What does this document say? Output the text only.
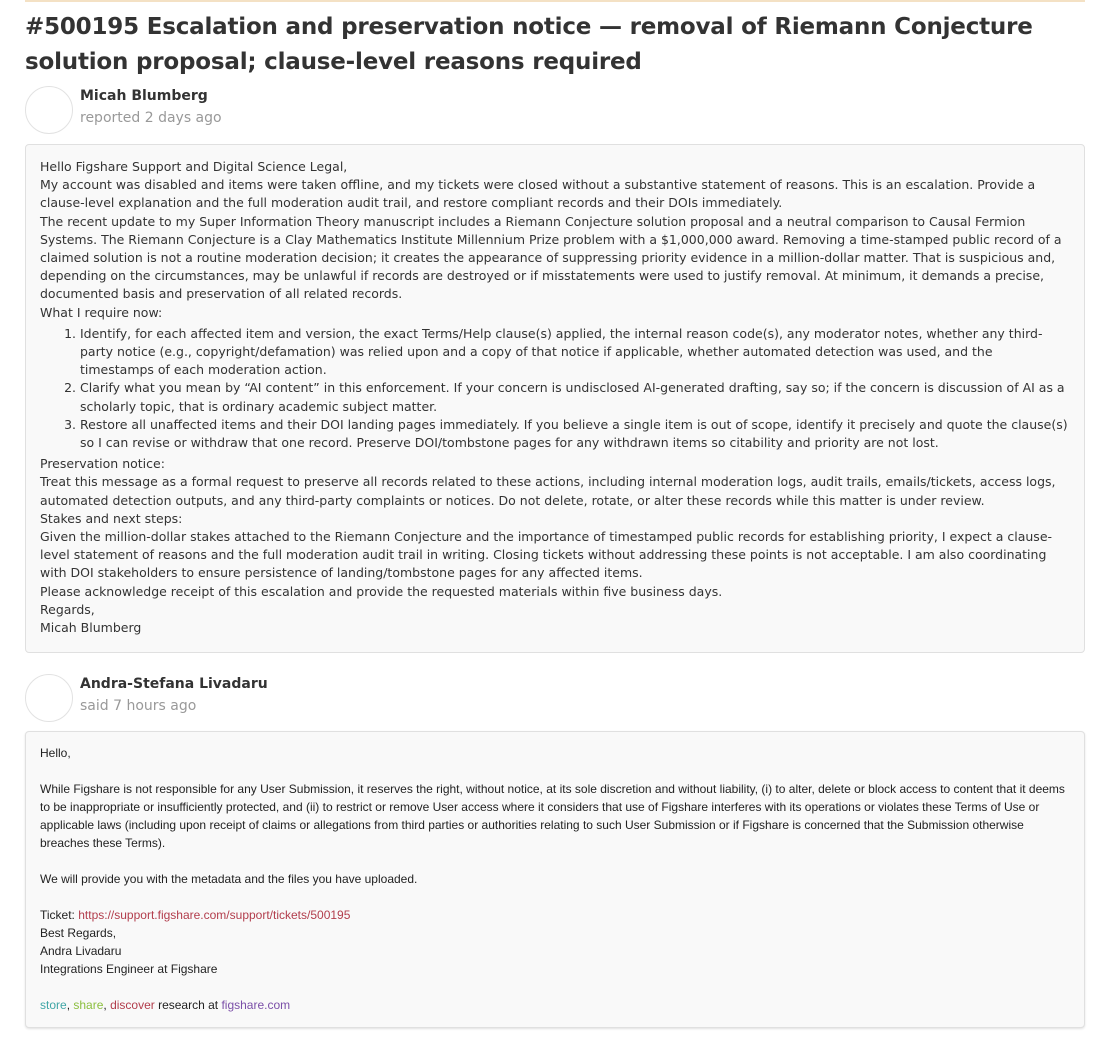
#500195 Escalation and preservation notice — removal of Riemann Conjecture solution proposal; clause-level reasons required
Micah Blumberg
reported 2 days ago

Hello Figshare Support and Digital Science Legal,

My account was disabled and items were taken offline, and my tickets were closed without a substantive statement of reasons. This is an escalation. Provide a clause-level explanation and the full moderation audit trail, and restore compliant records and their DOIs immediately.

The recent update to my Super Information Theory manuscript includes a Riemann Conjecture solution proposal and a neutral comparison to Causal Fermion Systems. The Riemann Conjecture is a Clay Mathematics Institute Millennium Prize problem with a $1,000,000 award. Removing a time-stamped public record of a claimed solution is not a routine moderation decision; it creates the appearance of suppressing priority evidence in a million-dollar matter. That is suspicious and, depending on the circumstances, may be unlawful if records are destroyed or if misstatements were used to justify removal. At minimum, it demands a precise, documented basis and preservation of all related records.

What I require now:

1. Identify, for each affected item and version, the exact Terms/Help clause(s) applied, the internal reason code(s), any moderator notes, whether any third-party notice (e.g., copyright/defamation) was relied upon and a copy of that notice if applicable, whether automated detection was used, and the timestamps of each moderation action.
2. Clarify what you mean by “AI content” in this enforcement. If your concern is undisclosed AI-generated drafting, say so; if the concern is discussion of AI as a scholarly topic, that is ordinary academic subject matter.
3. Restore all unaffected items and their DOI landing pages immediately. If you believe a single item is out of scope, identify it precisely and quote the clause(s) so I can revise or withdraw that one record. Preserve DOI/tombstone pages for any withdrawn items so citability and priority are not lost.

Preservation notice:

Treat this message as a formal request to preserve all records related to these actions, including internal moderation logs, audit trails, emails/tickets, access logs, automated detection outputs, and any third-party complaints or notices. Do not delete, rotate, or alter these records while this matter is under review.

Stakes and next steps:

Given the million-dollar stakes attached to the Riemann Conjecture and the importance of timestamped public records for establishing priority, I expect a clause-level statement of reasons and the full moderation audit trail in writing. Closing tickets without addressing these points is not acceptable. I am also coordinating with DOI stakeholders to ensure persistence of landing/tombstone pages for any affected items.

Please acknowledge receipt of this escalation and provide the requested materials within five business days.

Regards,

Micah Blumberg

Andra-Stefana Livadaru
said 7 hours ago

Hello,

While Figshare is not responsible for any User Submission, it reserves the right, without notice, at its sole discretion and without liability, (i) to alter, delete or block access to content that it deems to be inappropriate or insufficiently protected, and (ii) to restrict or remove User access where it considers that use of Figshare interferes with its operations or violates these Terms of Use or applicable laws (including upon receipt of claims or allegations from third parties or authorities relating to such User Submission or if Figshare is concerned that the Submission otherwise breaches these Terms).

We will provide you with the metadata and the files you have uploaded.

Ticket: https://support.figshare.com/support/tickets/500195

Best Regards,

Andra Livadaru

Integrations Engineer at Figshare

store, share, discover research at figshare.com
